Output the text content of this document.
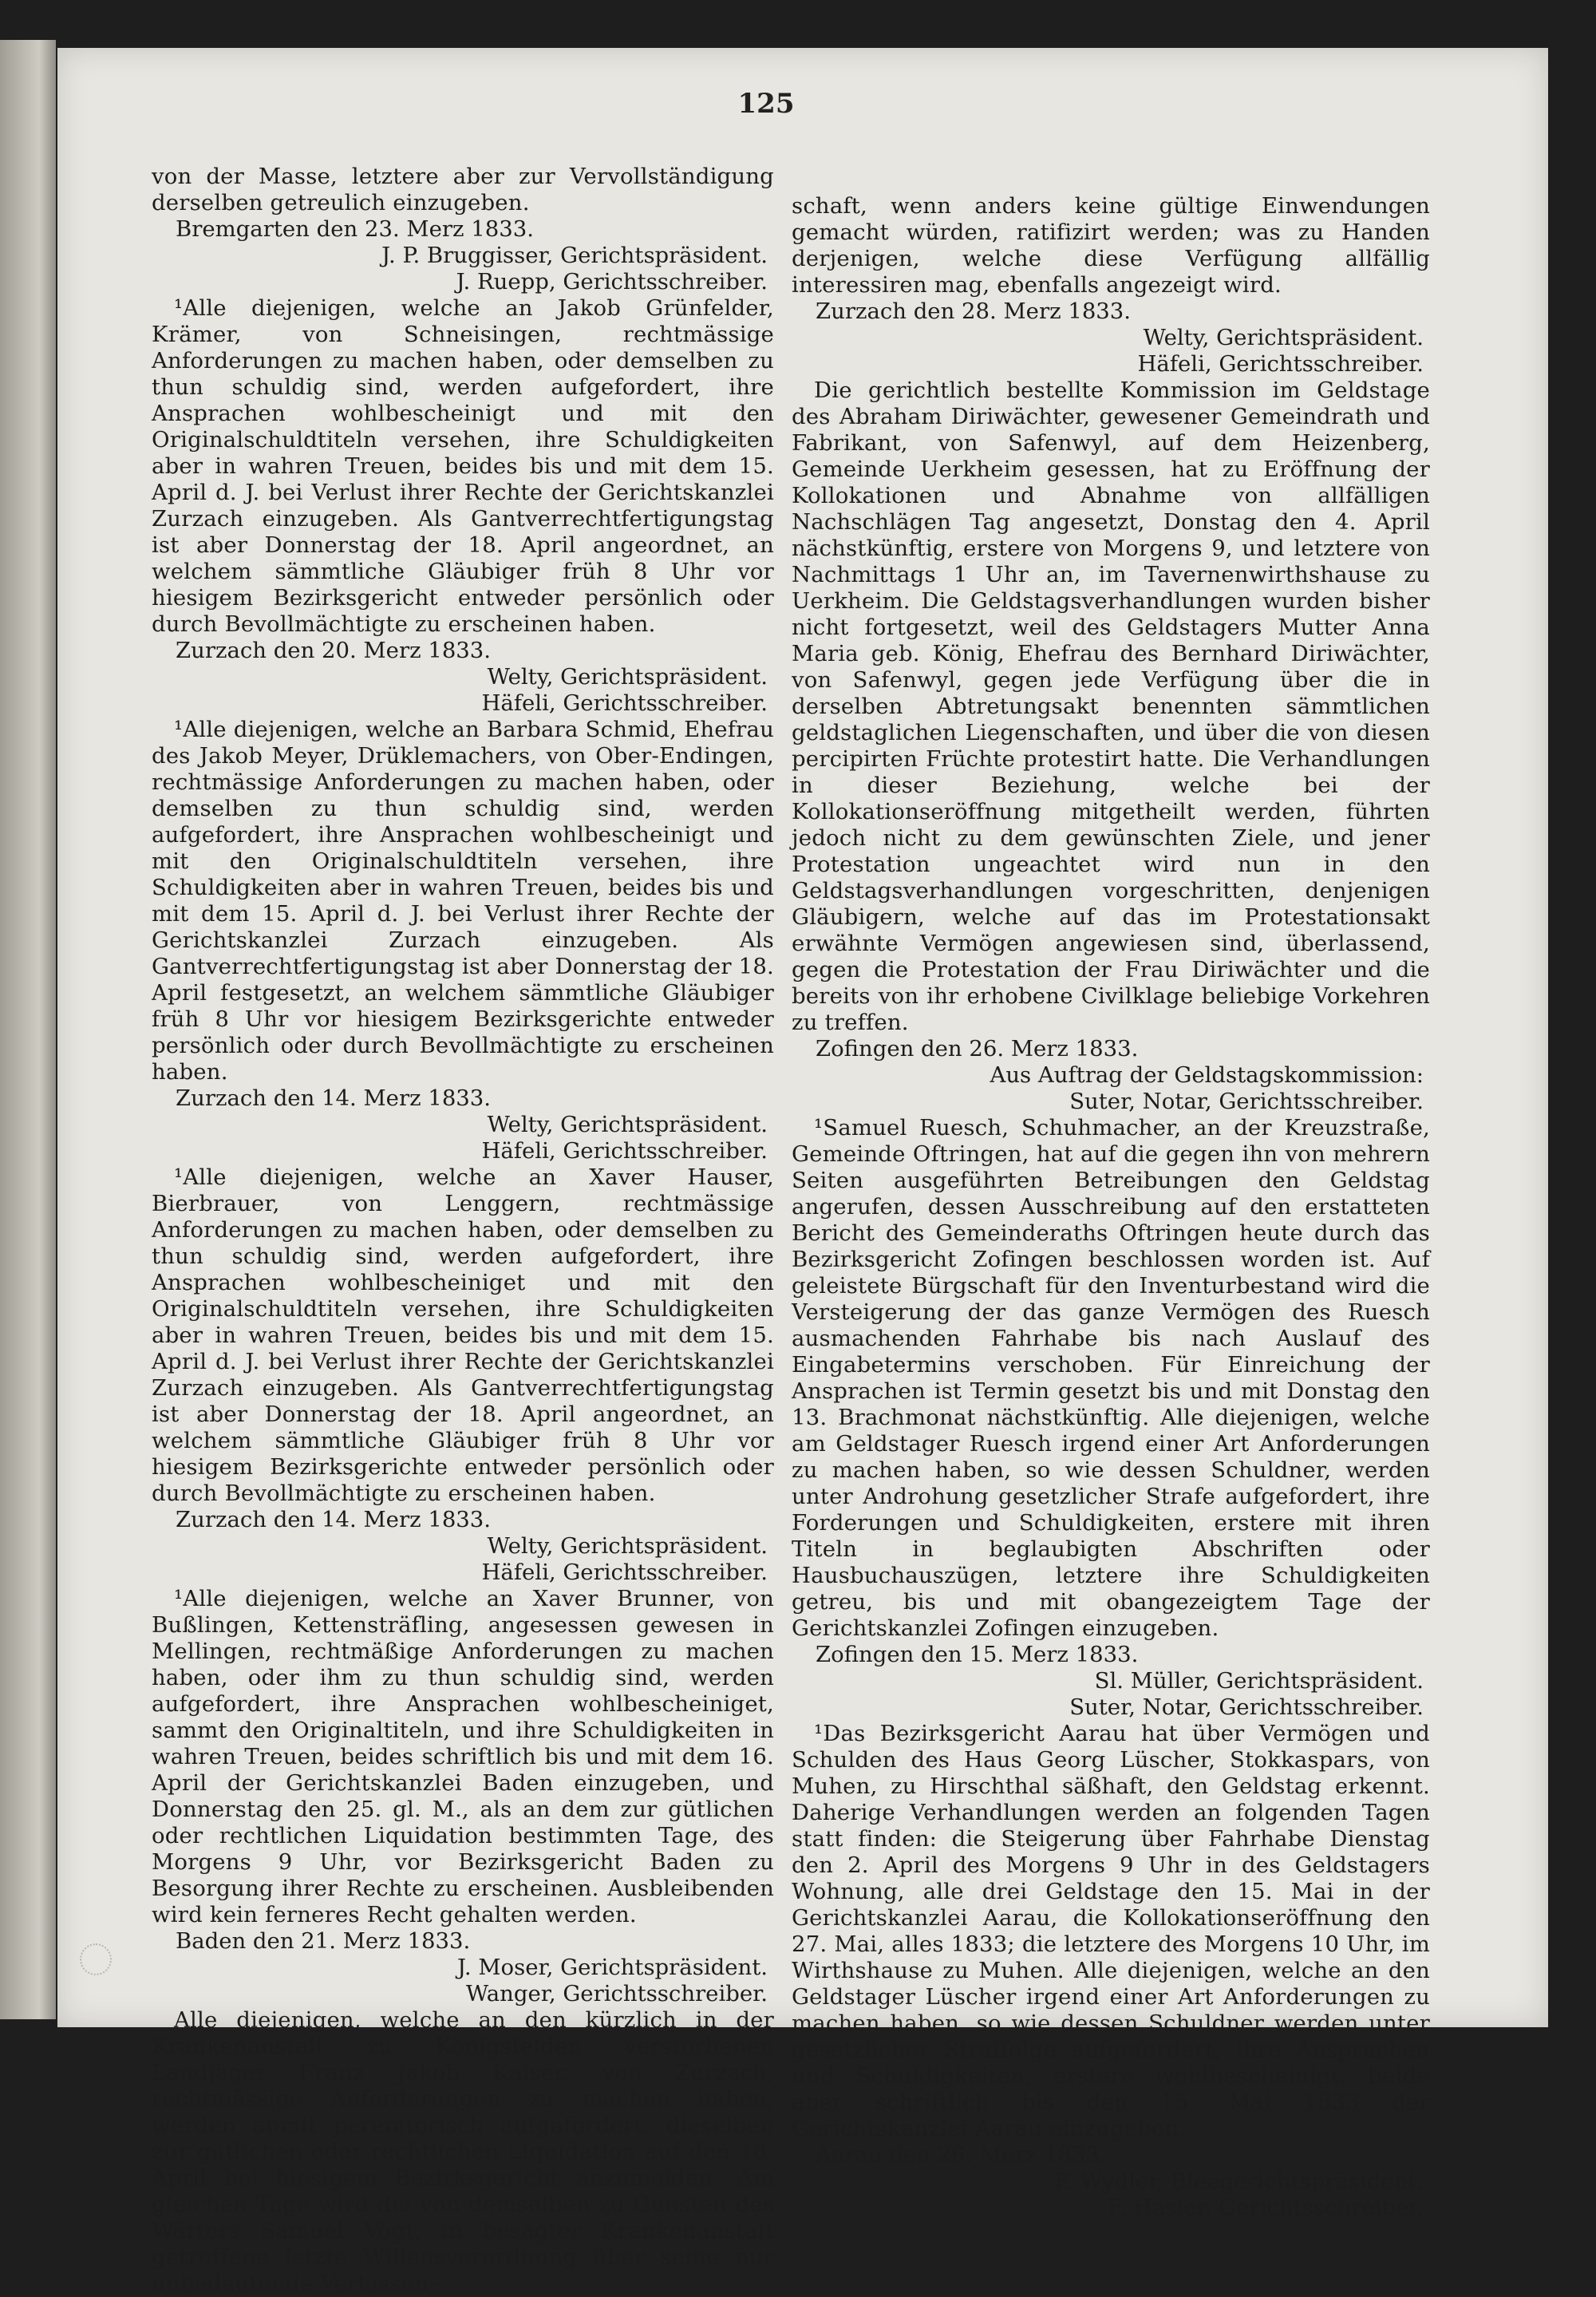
125

von der Masse, letztere aber zur Vervollständigung derselben getreulich einzugeben.

Bremgarten den 23. Merz 1833.

J. P. Bruggisser, Gerichtspräsident.

J. Ruepp, Gerichtsschreiber.

¹Alle diejenigen, welche an Jakob Grünfelder, Krämer, von Schneisingen, rechtmässige Anforderungen zu machen haben, oder demselben zu thun schuldig sind, werden aufgefordert, ihre Ansprachen wohlbescheinigt und mit den Originalschuldtiteln versehen, ihre Schuldigkeiten aber in wahren Treuen, beides bis und mit dem 15. April d. J. bei Verlust ihrer Rechte der Gerichtskanzlei Zurzach einzugeben. Als Gantverrechtfertigungstag ist aber Donnerstag der 18. April angeordnet, an welchem sämmtliche Gläubiger früh 8 Uhr vor hiesigem Bezirksgericht entweder persönlich oder durch Bevollmächtigte zu erscheinen haben.

Zurzach den 20. Merz 1833.

Welty, Gerichtspräsident.

Häfeli, Gerichtsschreiber.

¹Alle diejenigen, welche an Barbara Schmid, Ehefrau des Jakob Meyer, Drüklemachers, von Ober-Endingen, rechtmässige Anforderungen zu machen haben, oder demselben zu thun schuldig sind, werden aufgefordert, ihre Ansprachen wohlbescheinigt und mit den Originalschuldtiteln versehen, ihre Schuldigkeiten aber in wahren Treuen, beides bis und mit dem 15. April d. J. bei Verlust ihrer Rechte der Gerichtskanzlei Zurzach einzugeben. Als Gantverrechtfertigungstag ist aber Donnerstag der 18. April festgesetzt, an welchem sämmtliche Gläubiger früh 8 Uhr vor hiesigem Bezirksgerichte entweder persönlich oder durch Bevollmächtigte zu erscheinen haben.

Zurzach den 14. Merz 1833.

Welty, Gerichtspräsident.

Häfeli, Gerichtsschreiber.

¹Alle diejenigen, welche an Xaver Hauser, Bierbrauer, von Lenggern, rechtmässige Anforderungen zu machen haben, oder demselben zu thun schuldig sind, werden aufgefordert, ihre Ansprachen wohlbescheiniget und mit den Originalschuldtiteln versehen, ihre Schuldigkeiten aber in wahren Treuen, beides bis und mit dem 15. April d. J. bei Verlust ihrer Rechte der Gerichtskanzlei Zurzach einzugeben. Als Gantverrechtfertigungstag ist aber Donnerstag der 18. April angeordnet, an welchem sämmtliche Gläubiger früh 8 Uhr vor hiesigem Bezirksgerichte entweder persönlich oder durch Bevollmächtigte zu erscheinen haben.

Zurzach den 14. Merz 1833.

Welty, Gerichtspräsident.

Häfeli, Gerichtsschreiber.

¹Alle diejenigen, welche an Xaver Brunner, von Bußlingen, Kettensträfling, angesessen gewesen in Mellingen, rechtmäßige Anforderungen zu machen haben, oder ihm zu thun schuldig sind, werden aufgefordert, ihre Ansprachen wohlbescheiniget, sammt den Originaltiteln, und ihre Schuldigkeiten in wahren Treuen, beides schriftlich bis und mit dem 16. April der Gerichtskanzlei Baden einzugeben, und Donnerstag den 25. gl. M., als an dem zur gütlichen oder rechtlichen Liquidation bestimmten Tage, des Morgens 9 Uhr, vor Bezirksgericht Baden zu Besorgung ihrer Rechte zu erscheinen. Ausbleibenden wird kein ferneres Recht gehalten werden.

Baden den 21. Merz 1833.

J. Moser, Gerichtspräsident.

Wanger, Gerichtsschreiber.

Alle diejenigen, welche an den kürzlich in der Krankenanstalt zu Königsfelden verstorbenen Landjäger Franz Jakob Kaiser, von Zurzach, rechtmässige Anforderungen zu machen haben, werden anmit peremtorisch aufgefordert, dieselben zur gütlichen oder rechtlichen Liquidation auf den 18. April bei hiesigem Bezirksgericht anzumelden. Am gleichen Tage wird die von demselben zu Gunsten des Wärters Samuel Vogt, in besagter Krankenanstalt getroffene letzte Willensverordnung über seine nur unbedeutende Verlassen-

schaft, wenn anders keine gültige Einwendungen gemacht würden, ratifizirt werden; was zu Handen derjenigen, welche diese Verfügung allfällig interessiren mag, ebenfalls angezeigt wird.

Zurzach den 28. Merz 1833.

Welty, Gerichtspräsident.

Häfeli, Gerichtsschreiber.

Die gerichtlich bestellte Kommission im Geldstage des Abraham Diriwächter, gewesener Gemeindrath und Fabrikant, von Safenwyl, auf dem Heizenberg, Gemeinde Uerkheim gesessen, hat zu Eröffnung der Kollokationen und Abnahme von allfälligen Nachschlägen Tag angesetzt, Donstag den 4. April nächstkünftig, erstere von Morgens 9, und letztere von Nachmittags 1 Uhr an, im Tavernenwirthshause zu Uerkheim. Die Geldstagsverhandlungen wurden bisher nicht fortgesetzt, weil des Geldstagers Mutter Anna Maria geb. König, Ehefrau des Bernhard Diriwächter, von Safenwyl, gegen jede Verfügung über die in derselben Abtretungsakt benennten sämmtlichen geldstaglichen Liegenschaften, und über die von diesen percipirten Früchte protestirt hatte. Die Verhandlungen in dieser Beziehung, welche bei der Kollokationseröffnung mitgetheilt werden, führten jedoch nicht zu dem gewünschten Ziele, und jener Protestation ungeachtet wird nun in den Geldstagsverhandlungen vorgeschritten, denjenigen Gläubigern, welche auf das im Protestationsakt erwähnte Vermögen angewiesen sind, überlassend, gegen die Protestation der Frau Diriwächter und die bereits von ihr erhobene Civilklage beliebige Vorkehren zu treffen.

Zofingen den 26. Merz 1833.

Aus Auftrag der Geldstagskommission:

Suter, Notar, Gerichtsschreiber.

¹Samuel Ruesch, Schuhmacher, an der Kreuzstraße, Gemeinde Oftringen, hat auf die gegen ihn von mehrern Seiten ausgeführten Betreibungen den Geldstag angerufen, dessen Ausschreibung auf den erstatteten Bericht des Gemeinderaths Oftringen heute durch das Bezirksgericht Zofingen beschlossen worden ist. Auf geleistete Bürgschaft für den Inventurbestand wird die Versteigerung der das ganze Vermögen des Ruesch ausmachenden Fahrhabe bis nach Auslauf des Eingabetermins verschoben. Für Einreichung der Ansprachen ist Termin gesetzt bis und mit Donstag den 13. Brachmonat nächstkünftig. Alle diejenigen, welche am Geldstager Ruesch irgend einer Art Anforderungen zu machen haben, so wie dessen Schuldner, werden unter Androhung gesetzlicher Strafe aufgefordert, ihre Forderungen und Schuldigkeiten, erstere mit ihren Titeln in beglaubigten Abschriften oder Hausbuchauszügen, letztere ihre Schuldigkeiten getreu, bis und mit obangezeigtem Tage der Gerichtskanzlei Zofingen einzugeben.

Zofingen den 15. Merz 1833.

Sl. Müller, Gerichtspräsident.

Suter, Notar, Gerichtsschreiber.

¹Das Bezirksgericht Aarau hat über Vermögen und Schulden des Haus Georg Lüscher, Stokkaspars, von Muhen, zu Hirschthal säßhaft, den Geldstag erkennt. Daherige Verhandlungen werden an folgenden Tagen statt finden: die Steigerung über Fahrhabe Dienstag den 2. April des Morgens 9 Uhr in des Geldstagers Wohnung, alle drei Geldstage den 15. Mai in der Gerichtskanzlei Aarau, die Kollokationseröffnung den 27. Mai, alles 1833; die letztere des Morgens 10 Uhr, im Wirthshause zu Muhen. Alle diejenigen, welche an den Geldstager Lüscher irgend einer Art Anforderungen zu machen haben, so wie dessen Schuldner werden unter gesetzlicher Straffolge aufgefordert, ihre Ansprachen und Schuldigkeiten, erstere wohlbescheinigt, beide aber schriftlich bis den 15. Mai 1833 der Gerichtskanzlei Aarau einzugeben.

Aarau den 26. Merz 1833.

F. Wydler, Bleegerichtspräsident.

F. Hasler, Gerichtsschreiber.
